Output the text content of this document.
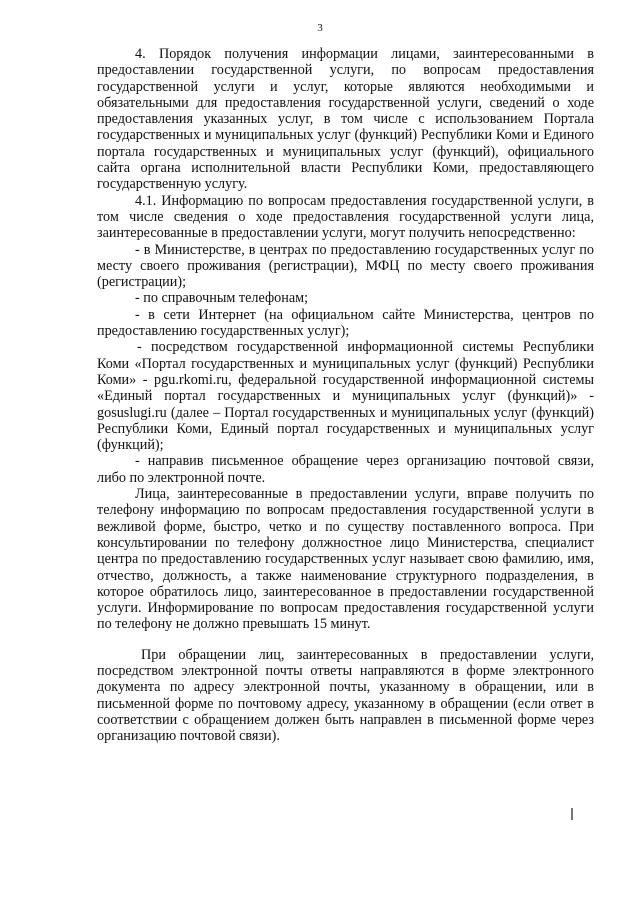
3

4. Порядок получения информации лицами, заинтересованными в предоставлении государственной услуги, по вопросам предоставления государственной услуги и услуг, которые являются необходимыми и обязательными для предоставления государственной услуги, сведений о ходе предоставления указанных услуг, в том числе с использованием Портала государственных и муниципальных услуг (функций) Республики Коми и Единого портала государственных и муниципальных услуг (функций), официального сайта органа исполнительной власти Республики Коми, предоставляющего государственную услугу.

4.1. Информацию по вопросам предоставления государственной услуги, в том числе сведения о ходе предоставления государственной услуги лица, заинтересованные в предоставлении услуги, могут получить непосредственно:

- в Министерстве, в центрах по предоставлению государственных услуг по месту своего проживания (регистрации), МФЦ по месту своего проживания (регистрации);

- по справочным телефонам;

- в сети Интернет (на официальном сайте Министерства, центров по предоставлению государственных услуг);

- посредством государственной информационной системы Республики Коми «Портал государственных и муниципальных услуг (функций) Республики Коми» - pgu.rkomi.ru, федеральной государственной информационной системы «Единый портал государственных и муниципальных услуг (функций)» - gosuslugi.ru (далее – Портал государственных и муниципальных услуг (функций) Республики Коми, Единый портал государственных и муниципальных услуг (функций);

- направив письменное обращение через организацию почтовой связи, либо по электронной почте.

Лица, заинтересованные в предоставлении услуги, вправе получить по телефону информацию по вопросам предоставления государственной услуги в вежливой форме, быстро, четко и по существу поставленного вопроса. При консультировании по телефону должностное лицо Министерства, специалист центра по предоставлению государственных услуг называет свою фамилию, имя, отчество, должность, а также наименование структурного подразделения, в которое обратилось лицо, заинтересованное в предоставлении государственной услуги. Информирование по вопросам предоставления государственной услуги по телефону не должно превышать 15 минут.

При обращении лиц, заинтересованных в предоставлении услуги, посредством электронной почты ответы направляются в форме электронного документа по адресу электронной почты, указанному в обращении, или в письменной форме по почтовому адресу, указанному в обращении (если ответ в соответствии с обращением должен быть направлен в письменной форме через организацию почтовой связи).
